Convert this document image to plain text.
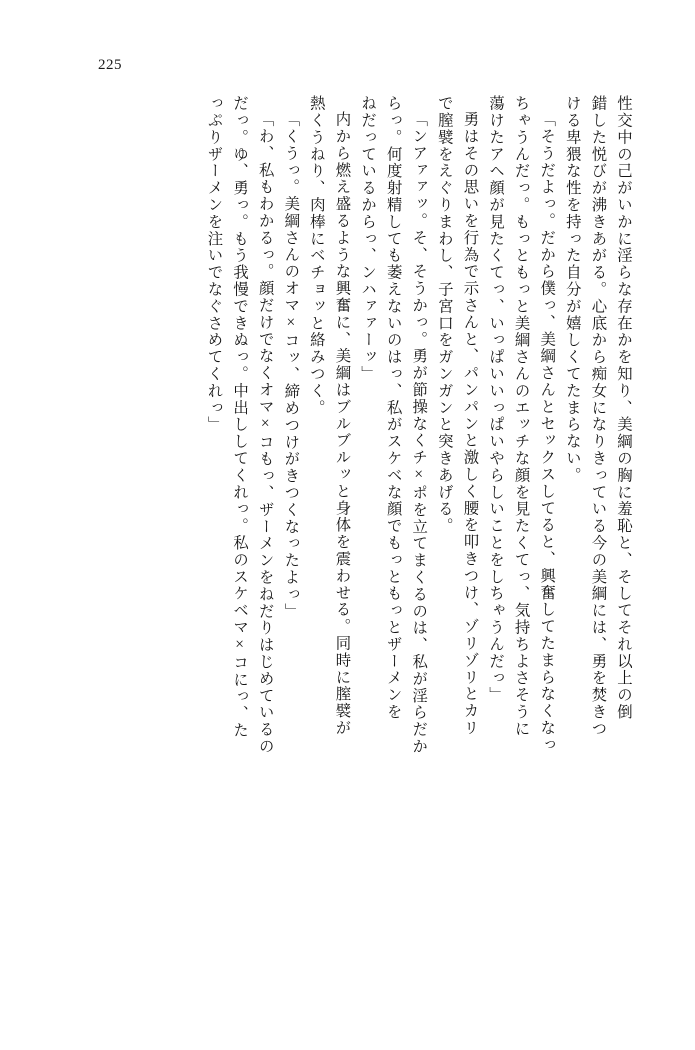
225
性交中の己がいかに淫らな存在かを知り、美綱の胸に羞恥と、そしてそれ以上の倒
錯した悦びが沸きあがる。心底から痴女になりきっている今の美綱には、勇を焚きつ
ける卑猥な性を持った自分が嬉しくてたまらない。
「そうだよっ。だから僕っ、美綱さんとセックスしてると、興奮してたまらなくなっ
ちゃうんだっ。もっともっと美綱さんのエッチな顔を見たくてっ、気持ちよさそうに
蕩けたアヘ顔が見たくてっ、いっぱいいっぱいやらしいことをしちゃうんだっ」
勇はその思いを行為で示さんと、パンパンと激しく腰を叩きつけ、ゾリゾリとカリ
で膣襞をえぐりまわし、子宮口をガンガンと突きあげる。
「ンアァァッ。そ、そうかっ。勇が節操なくチ×ポを立てまくるのは、私が淫らだか
らっ。何度射精しても萎えないのはっ、私がスケベな顔でもっともっとザーメンを
ねだっているからっ、ンハァァーッ」
内から燃え盛るような興奮に、美綱はブルブルッと身体を震わせる。同時に膣襞が
熱くうねり、肉棒にベチョッと絡みつく。
「くうっ。美綱さんのオマ×コッ、締めつけがきつくなったよっ」
「わ、私もわかるっ。顔だけでなくオマ×コもっ、ザーメンをねだりはじめているの
だっ。ゆ、勇っ。もう我慢できぬっ。中出ししてくれっ。私のスケベマ×コにっ、た
っぷりザーメンを注いでなぐさめてくれっ」
